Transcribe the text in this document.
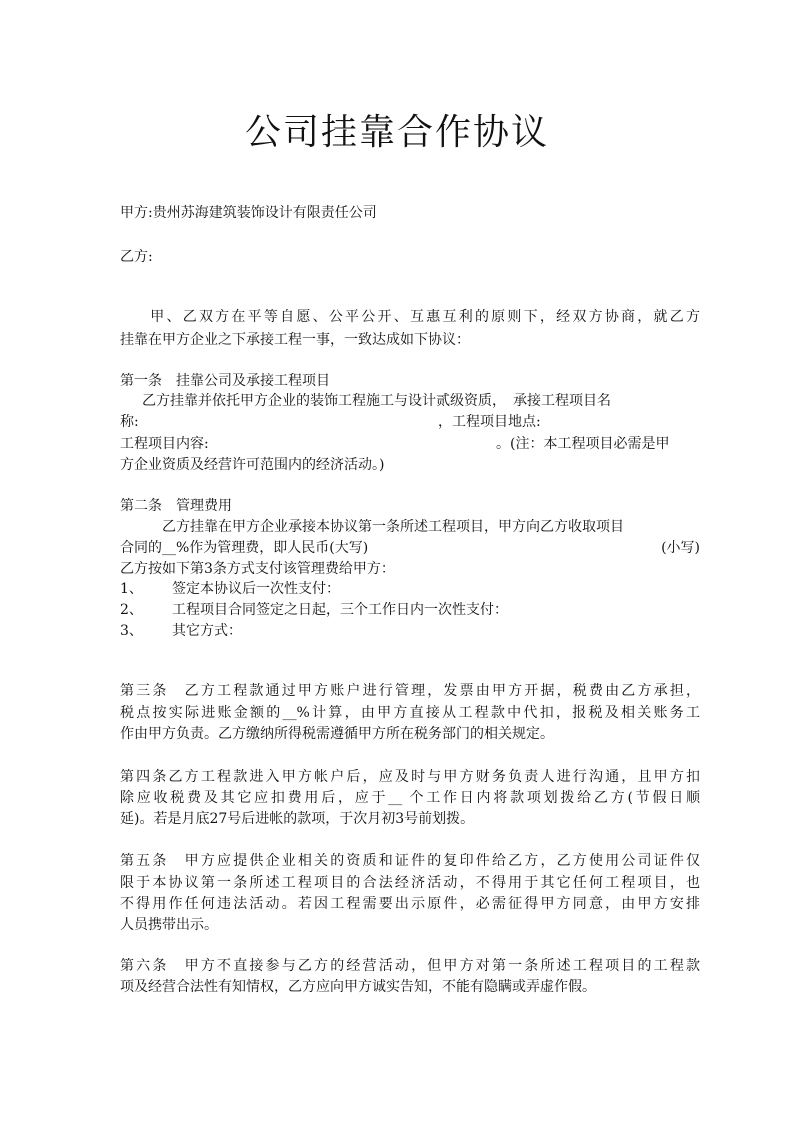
公司挂靠合作协议

甲方:贵州苏海建筑装饰设计有限责任公司

乙方:

甲、乙双方在平等自愿、公平公开、互惠互利的原则下，经双方协商，就乙方

挂靠在甲方企业之下承接工程一事，一致达成如下协议：

第一条　挂靠公司及承接工程项目

乙方挂靠并依托甲方企业的装饰工程施工与设计贰级资质，　承接工程项目名

称:	，工程项目地点:

工程项目内容:	。(注：本工程项目必需是甲

方企业资质及经营许可范围内的经济活动。)

第二条　管理费用

乙方挂靠在甲方企业承接本协议第一条所述工程项目，甲方向乙方收取项目

合同的__%作为管理费，即人民币(大写)	(小写)

乙方按如下第3条方式支付该管理费给甲方：

1、 签定本协议后一次性支付：

2、 工程项目合同签定之日起，三个工作日内一次性支付：

3、 其它方式：

第三条　乙方工程款通过甲方账户进行管理，发票由甲方开据，税费由乙方承担，

税点按实际进账金额的__%计算，由甲方直接从工程款中代扣，报税及相关账务工

作由甲方负责。乙方缴纳所得税需遵循甲方所在税务部门的相关规定。

第四条乙方工程款进入甲方帐户后，应及时与甲方财务负责人进行沟通，且甲方扣

除应收税费及其它应扣费用后，应于__ 个工作日内将款项划拨给乙方(节假日顺

延)。若是月底27号后进帐的款项，于次月初3号前划拨。

第五条　甲方应提供企业相关的资质和证件的复印件给乙方，乙方使用公司证件仅

限于本协议第一条所述工程项目的合法经济活动，不得用于其它任何工程项目，也

不得用作任何违法活动。若因工程需要出示原件，必需征得甲方同意，由甲方安排

人员携带出示。

第六条　甲方不直接参与乙方的经营活动，但甲方对第一条所述工程项目的工程款

项及经营合法性有知情权，乙方应向甲方诚实告知，不能有隐瞒或弄虚作假。
